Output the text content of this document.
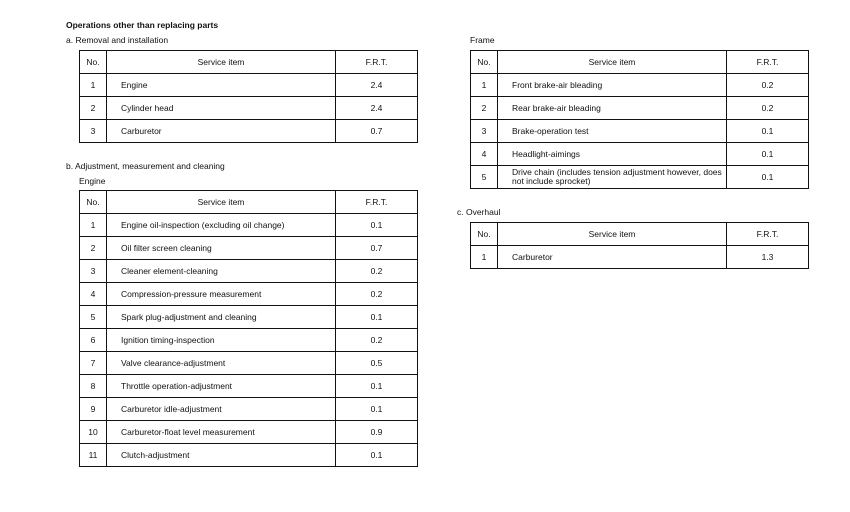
Operations other than replacing parts
a. Removal and installation
No.	Service item	F.R.T.
1	Engine	2.4
2	Cylinder head	2.4
3	Carburetor	0.7
b. Adjustment, measurement and cleaning
Engine
No.	Service item	F.R.T.
1	Engine oil-inspection (excluding oil change)	0.1
2	Oil filter screen cleaning	0.7
3	Cleaner element-cleaning	0.2
4	Compression-pressure measurement	0.2
5	Spark plug-adjustment and cleaning	0.1
6	Ignition timing-inspection	0.2
7	Valve clearance-adjustment	0.5
8	Throttle operation-adjustment	0.1
9	Carburetor idle-adjustment	0.1
10	Carburetor-float level measurement	0.9
11	Clutch-adjustment	0.1
Frame
No.	Service item	F.R.T.
1	Front brake-air bleading	0.2
2	Rear brake-air bleading	0.2
3	Brake-operation test	0.1
4	Headlight-aimings	0.1
5	Drive chain (includes tension adjustment however, does not include sprocket)	0.1
c. Overhaul
No.	Service item	F.R.T.
1	Carburetor	1.3
